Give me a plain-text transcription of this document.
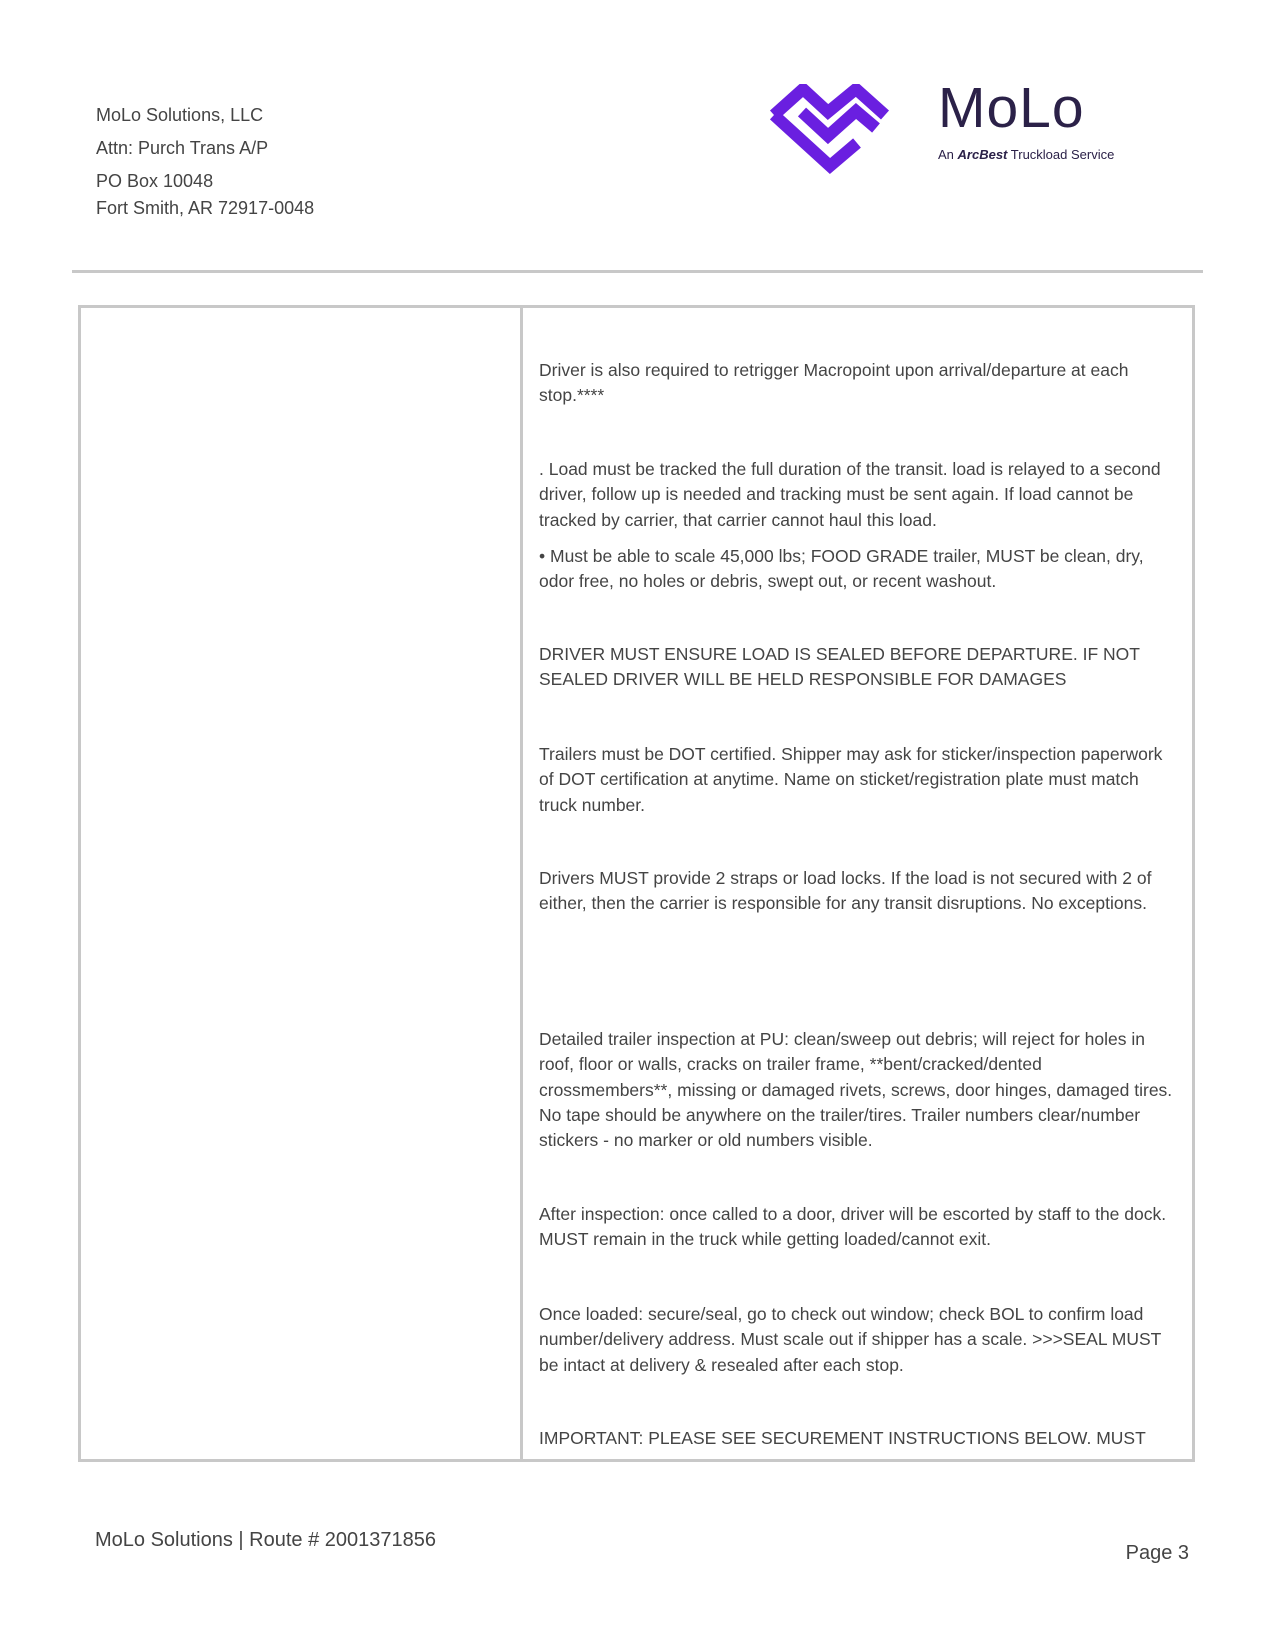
MoLo Solutions, LLC
Attn: Purch Trans A/P
PO Box 10048
Fort Smith, AR 72917-0048
MoLo
An ArcBest Truckload Service
Driver is also required to retrigger Macropoint upon arrival/departure at each stop.****
. Load must be tracked the full duration of the transit. load is relayed to a second driver, follow up is needed and tracking must be sent again. If load cannot be tracked by carrier, that carrier cannot haul this load.
• Must be able to scale 45,000 lbs; FOOD GRADE trailer, MUST be clean, dry, odor free, no holes or debris, swept out, or recent washout.
DRIVER MUST ENSURE LOAD IS SEALED BEFORE DEPARTURE. IF NOT SEALED DRIVER WILL BE HELD RESPONSIBLE FOR DAMAGES
Trailers must be DOT certified. Shipper may ask for sticker/inspection paperwork of DOT certification at anytime. Name on sticket/registration plate must match truck number.
Drivers MUST provide 2 straps or load locks. If the load is not secured with 2 of either, then the carrier is responsible for any transit disruptions. No exceptions.
Detailed trailer inspection at PU: clean/sweep out debris; will reject for holes in roof, floor or walls, cracks on trailer frame, **bent/cracked/dented crossmembers**, missing or damaged rivets, screws, door hinges, damaged tires. No tape should be anywhere on the trailer/tires. Trailer numbers clear/number stickers - no marker or old numbers visible.
After inspection: once called to a door, driver will be escorted by staff to the dock. MUST remain in the truck while getting loaded/cannot exit.
Once loaded: secure/seal, go to check out window; check BOL to confirm load number/delivery address. Must scale out if shipper has a scale. >>>SEAL MUST be intact at delivery & resealed after each stop.
IMPORTANT: PLEASE SEE SECUREMENT INSTRUCTIONS BELOW. MUST
MoLo Solutions | Route # 2001371856
Page 3
